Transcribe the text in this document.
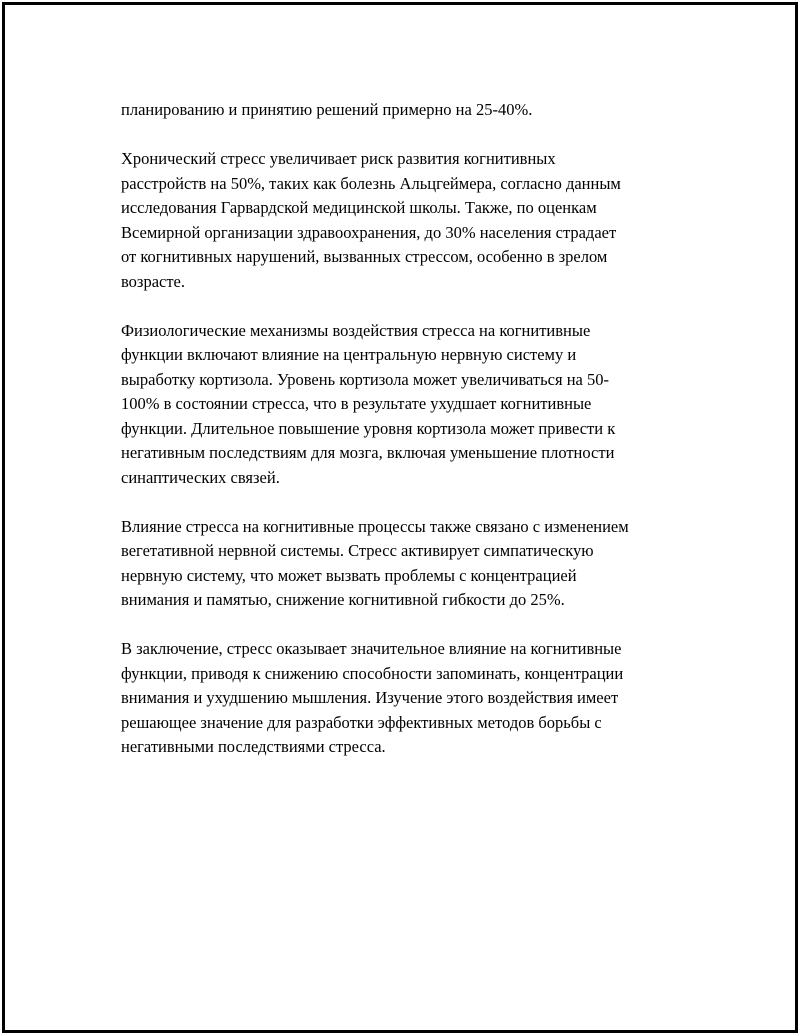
планированию и принятию решений примерно на 25-40%.

Хронический стресс увеличивает риск развития когнитивных
расстройств на 50%, таких как болезнь Альцгеймера, согласно данным
исследования Гарвардской медицинской школы. Также, по оценкам
Всемирной организации здравоохранения, до 30% населения страдает
от когнитивных нарушений, вызванных стрессом, особенно в зрелом
возрасте.

Физиологические механизмы воздействия стресса на когнитивные
функции включают влияние на центральную нервную систему и
выработку кортизола. Уровень кортизола может увеличиваться на 50-
100% в состоянии стресса, что в результате ухудшает когнитивные
функции. Длительное повышение уровня кортизола может привести к
негативным последствиям для мозга, включая уменьшение плотности
синаптических связей.

Влияние стресса на когнитивные процессы также связано с изменением
вегетативной нервной системы. Стресс активирует симпатическую
нервную систему, что может вызвать проблемы с концентрацией
внимания и памятью, снижение когнитивной гибкости до 25%.

В заключение, стресс оказывает значительное влияние на когнитивные
функции, приводя к снижению способности запоминать, концентрации
внимания и ухудшению мышления. Изучение этого воздействия имеет
решающее значение для разработки эффективных методов борьбы с
негативными последствиями стресса.
